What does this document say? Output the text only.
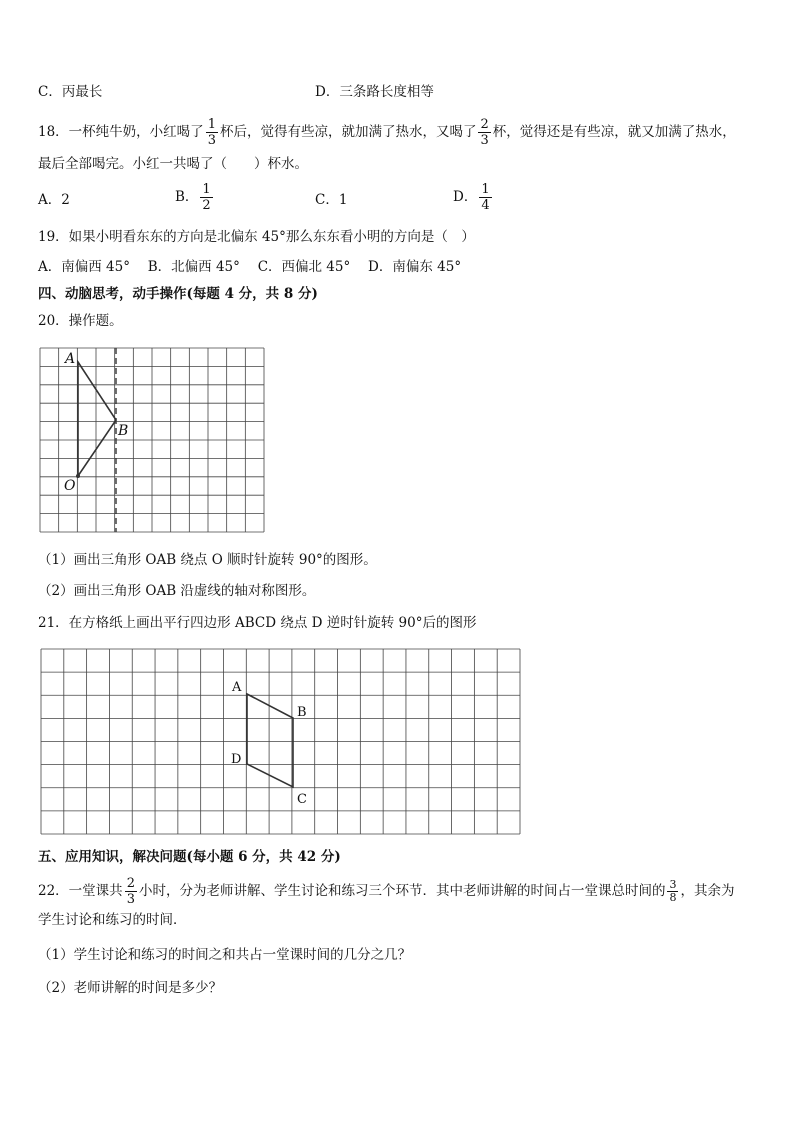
C．丙最长	D．三条路长度相等
18．一杯纯牛奶，小红喝了 $\frac{1}{3}$ 杯后，觉得有些凉，就加满了热水，又喝了 $\frac{2}{3}$ 杯，觉得还是有些凉，就又加满了热水，
最后全部喝完。小红一共喝了（　　）杯水。
A．2	B． $\frac{1}{2}$	C．1	D． $\frac{1}{4}$
19．如果小明看东东的方向是北偏东 45°那么东东看小明的方向是（　）
A．南偏西 45°　 B．北偏西 45°　 C．西偏北 45°　 D．南偏东 45°
四、动脑思考，动手操作(每题 4 分，共 8 分)
20．操作题。
A
B
O
（1）画出三角形 OAB 绕点 O 顺时针旋转 90°的图形。
（2）画出三角形 OAB 沿虚线的轴对称图形。
21．在方格纸上画出平行四边形 ABCD 绕点 D 逆时针旋转 90°后的图形
A
B
C
D
五、应用知识，解决问题(每小题 6 分，共 42 分)
22．一堂课共 $\frac{2}{3}$ 小时，分为老师讲解、学生讨论和练习三个环节．其中老师讲解的时间占一堂课总时间的 $\frac{3}{8}$ ，其余为
学生讨论和练习的时间．
（1）学生讨论和练习的时间之和共占一堂课时间的几分之几？
（2）老师讲解的时间是多少？
